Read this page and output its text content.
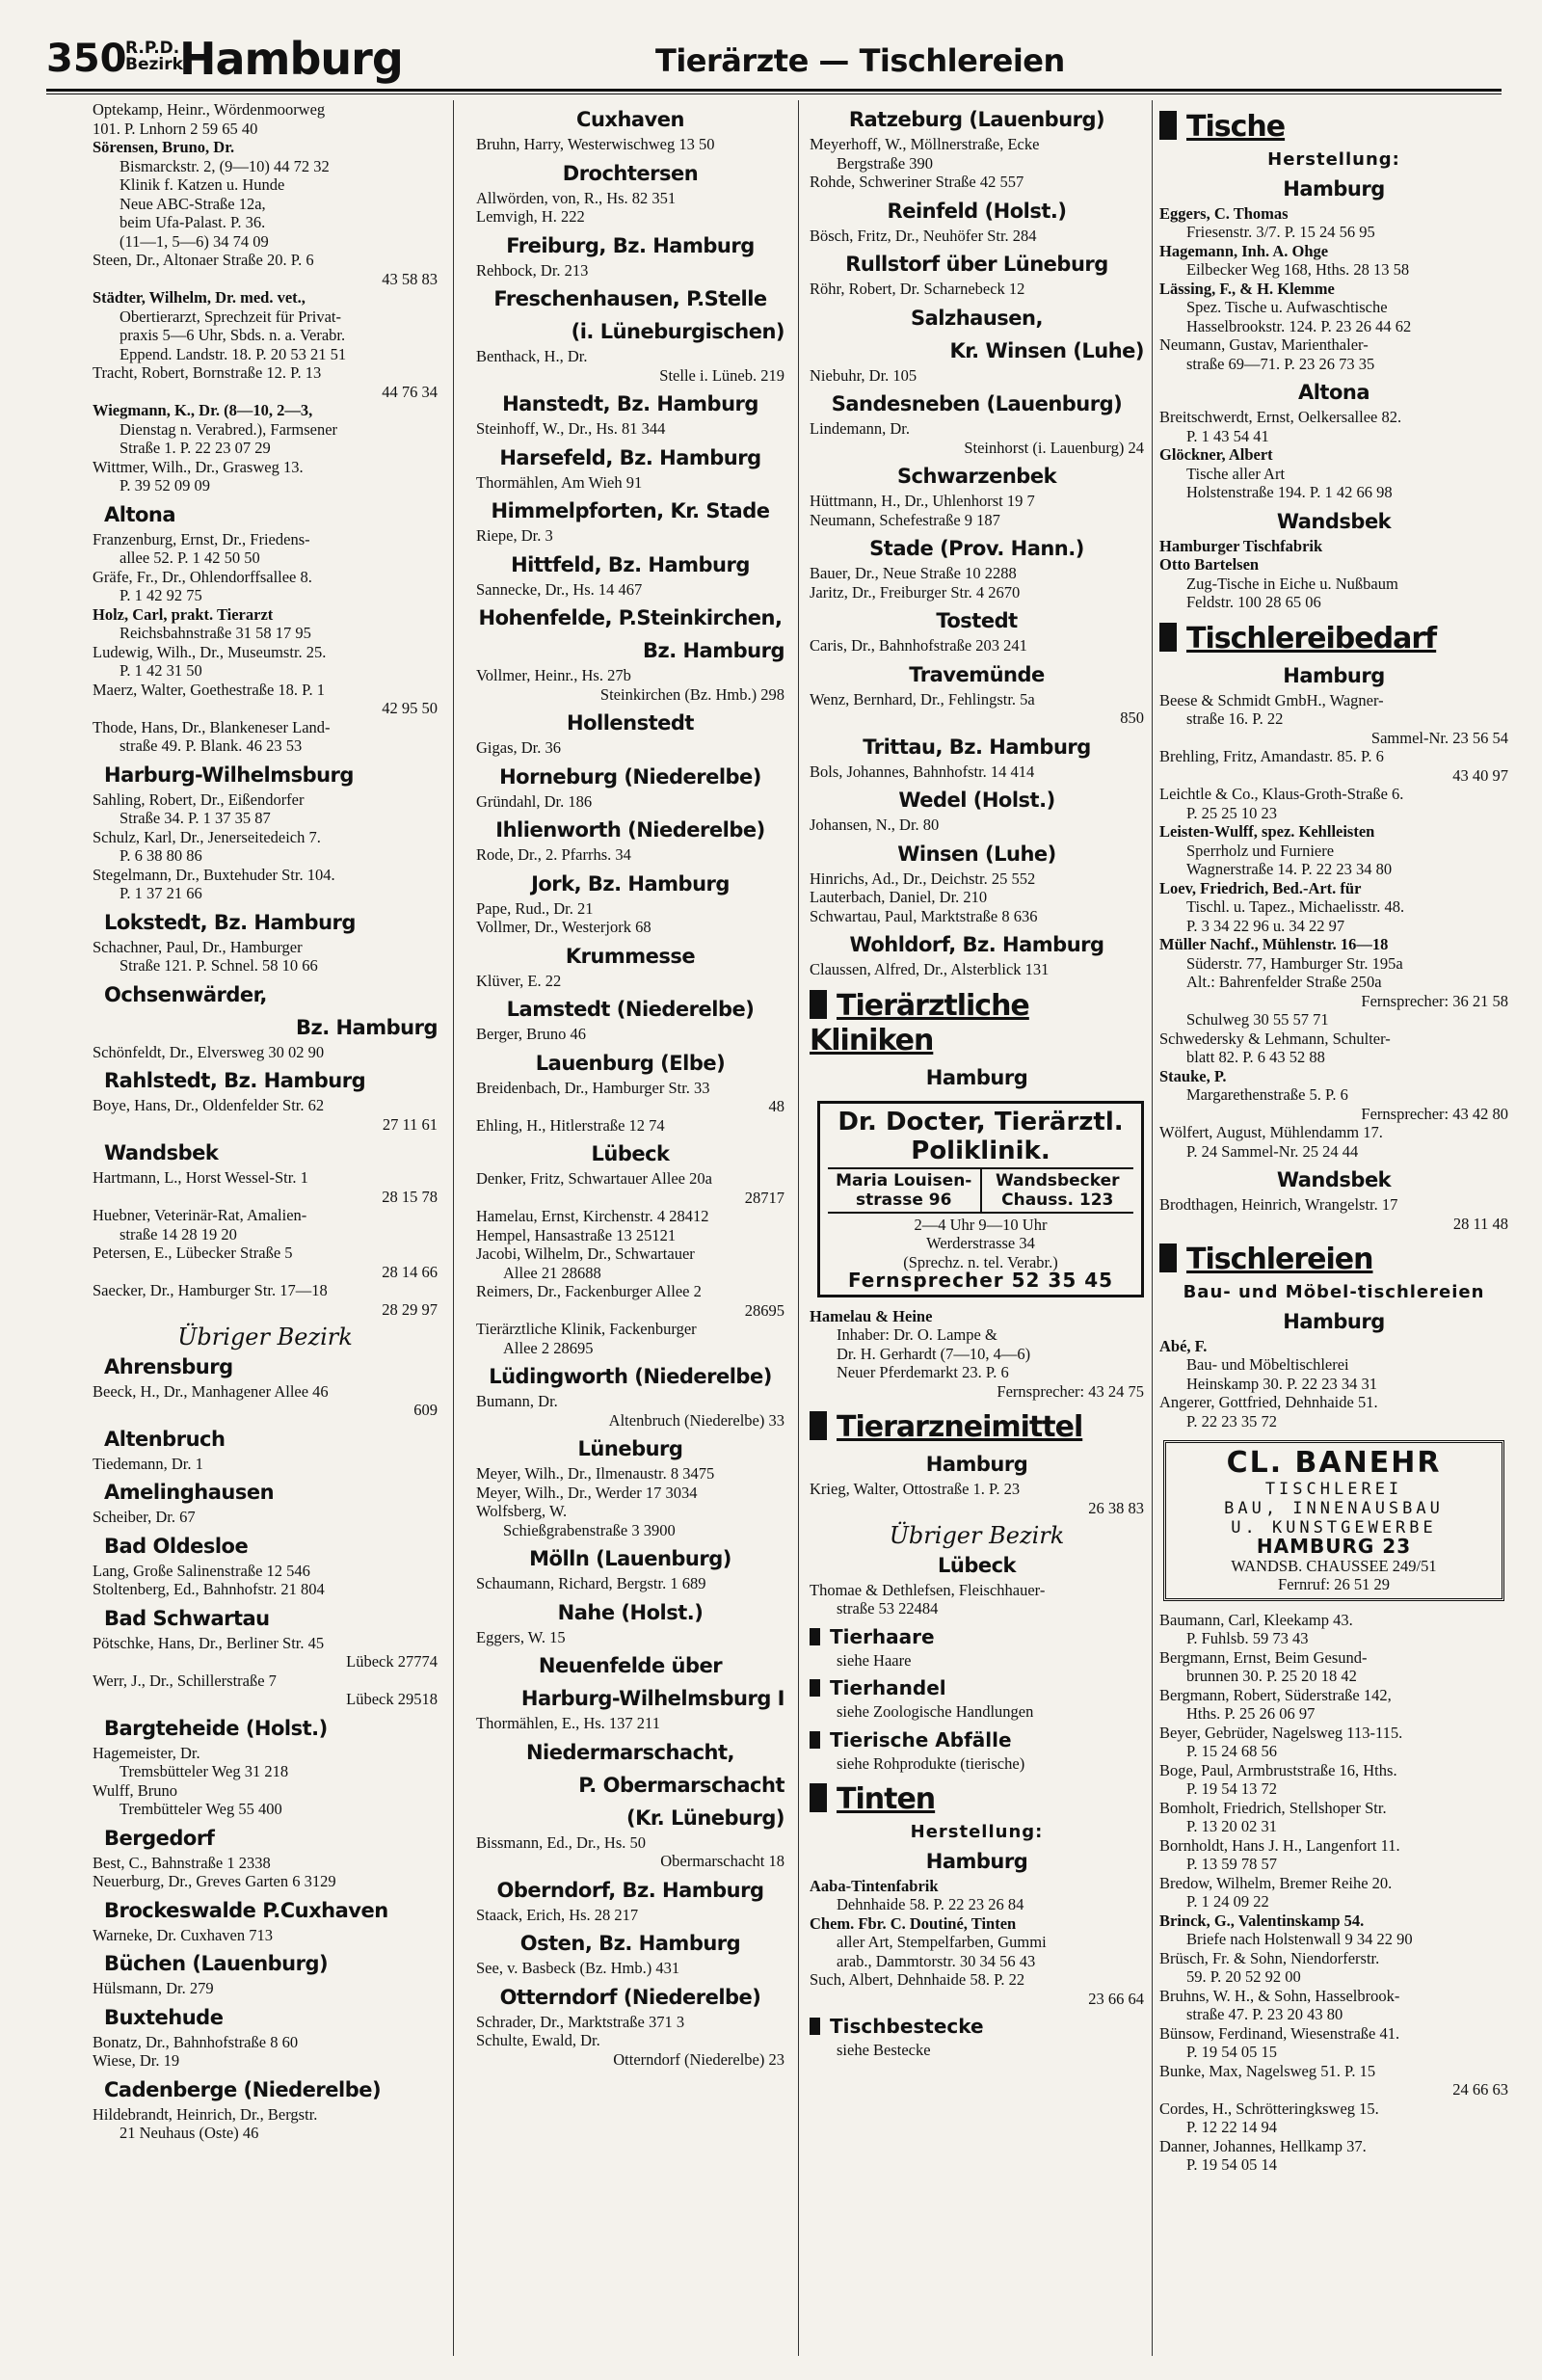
350
R.P.D.
Bezirk
Hamburg	Tierärzte — Tischlereien
Optekamp, Heinr., Wördenmoorweg
101. P. Lnhorn 2 59 65 40
Sörensen, Bruno, Dr.
Bismarckstr. 2, (9—10) 44 72 32
Klinik f. Katzen u. Hunde
Neue ABC-Straße 12a,
beim Ufa-Palast. P. 36.
(11—1, 5—6) 34 74 09
Steen, Dr., Altonaer Straße 20. P. 6
43 58 83
Städter, Wilhelm, Dr. med. vet.,
Obertierarzt, Sprechzeit für Privat-
praxis 5—6 Uhr, Sbds. n. a. Verabr.
Eppend. Landstr. 18. P. 20 53 21 51
Tracht, Robert, Bornstraße 12. P. 13
44 76 34
Wiegmann, K., Dr. (8—10, 2—3,
Dienstag n. Verabred.), Farmsener
Straße 1. P. 22 23 07 29
Wittmer, Wilh., Dr., Grasweg 13.
P. 39 52 09 09
Altona
Franzenburg, Ernst, Dr., Friedens-
allee 52. P. 1 42 50 50
Gräfe, Fr., Dr., Ohlendorffsallee 8.
P. 1 42 92 75
Holz, Carl, prakt. Tierarzt
Reichsbahnstraße 31 58 17 95
Ludewig, Wilh., Dr., Museumstr. 25.
P. 1 42 31 50
Maerz, Walter, Goethestraße 18. P. 1
42 95 50
Thode, Hans, Dr., Blankeneser Land-
straße 49. P. Blank. 46 23 53
Harburg-Wilhelmsburg
Sahling, Robert, Dr., Eißendorfer
Straße 34. P. 1 37 35 87
Schulz, Karl, Dr., Jenerseitedeich 7.
P. 6 38 80 86
Stegelmann, Dr., Buxtehuder Str. 104.
P. 1 37 21 66
Lokstedt, Bz. Hamburg
Schachner, Paul, Dr., Hamburger
Straße 121. P. Schnel. 58 10 66
Ochsenwärder,
Bz. Hamburg
Schönfeldt, Dr., Elversweg 30 02 90
Rahlstedt, Bz. Hamburg
Boye, Hans, Dr., Oldenfelder Str. 62
27 11 61
Wandsbek
Hartmann, L., Horst Wessel-Str. 1
28 15 78
Huebner, Veterinär-Rat, Amalien-
straße 14 28 19 20
Petersen, E., Lübecker Straße 5
28 14 66
Saecker, Dr., Hamburger Str. 17—18
28 29 97
Übriger Bezirk
Ahrensburg
Beeck, H., Dr., Manhagener Allee 46
609
Altenbruch
Tiedemann, Dr. 1
Amelinghausen
Scheiber, Dr. 67
Bad Oldesloe
Lang, Große Salinenstraße 12 546
Stoltenberg, Ed., Bahnhofstr. 21 804
Bad Schwartau
Pötschke, Hans, Dr., Berliner Str. 45
Lübeck 27774
Werr, J., Dr., Schillerstraße 7
Lübeck 29518
Bargteheide (Holst.)
Hagemeister, Dr.
Tremsbütteler Weg 31 218
Wulff, Bruno
Trembütteler Weg 55 400
Bergedorf
Best, C., Bahnstraße 1 2338
Neuerburg, Dr., Greves Garten 6 3129
Brockeswalde P.Cuxhaven
Warneke, Dr. Cuxhaven 713
Büchen (Lauenburg)
Hülsmann, Dr. 279
Buxtehude
Bonatz, Dr., Bahnhofstraße 8 60
Wiese, Dr. 19
Cadenberge (Niederelbe)
Hildebrandt, Heinrich, Dr., Bergstr.
21 Neuhaus (Oste) 46
Cuxhaven
Bruhn, Harry, Westerwischweg 13 50
Drochtersen
Allwörden, von, R., Hs. 82 351
Lemvigh, H. 222
Freiburg, Bz. Hamburg
Rehbock, Dr. 213
Freschenhausen, P.Stelle
(i. Lüneburgischen)
Benthack, H., Dr.
Stelle i. Lüneb. 219
Hanstedt, Bz. Hamburg
Steinhoff, W., Dr., Hs. 81 344
Harsefeld, Bz. Hamburg
Thormählen, Am Wieh 91
Himmelpforten, Kr. Stade
Riepe, Dr. 3
Hittfeld, Bz. Hamburg
Sannecke, Dr., Hs. 14 467
Hohenfelde, P.Steinkirchen,
Bz. Hamburg
Vollmer, Heinr., Hs. 27b
Steinkirchen (Bz. Hmb.) 298
Hollenstedt
Gigas, Dr. 36
Horneburg (Niederelbe)
Gründahl, Dr. 186
Ihlienworth (Niederelbe)
Rode, Dr., 2. Pfarrhs. 34
Jork, Bz. Hamburg
Pape, Rud., Dr. 21
Vollmer, Dr., Westerjork 68
Krummesse
Klüver, E. 22
Lamstedt (Niederelbe)
Berger, Bruno 46
Lauenburg (Elbe)
Breidenbach, Dr., Hamburger Str. 33
48
Ehling, H., Hitlerstraße 12 74
Lübeck
Denker, Fritz, Schwartauer Allee 20a
28717
Hamelau, Ernst, Kirchenstr. 4 28412
Hempel, Hansastraße 13 25121
Jacobi, Wilhelm, Dr., Schwartauer
Allee 21 28688
Reimers, Dr., Fackenburger Allee 2
28695
Tierärztliche Klinik, Fackenburger
Allee 2 28695
Lüdingworth (Niederelbe)
Bumann, Dr.
Altenbruch (Niederelbe) 33
Lüneburg
Meyer, Wilh., Dr., Ilmenaustr. 8 3475
Meyer, Wilh., Dr., Werder 17 3034
Wolfsberg, W.
Schießgrabenstraße 3 3900
Mölln (Lauenburg)
Schaumann, Richard, Bergstr. 1 689
Nahe (Holst.)
Eggers, W. 15
Neuenfelde über
Harburg-Wilhelmsburg I
Thormählen, E., Hs. 137 211
Niedermarschacht,
P. Obermarschacht
(Kr. Lüneburg)
Bissmann, Ed., Dr., Hs. 50
Obermarschacht 18
Oberndorf, Bz. Hamburg
Staack, Erich, Hs. 28 217
Osten, Bz. Hamburg
See, v. Basbeck (Bz. Hmb.) 431
Otterndorf (Niederelbe)
Schrader, Dr., Marktstraße 371 3
Schulte, Ewald, Dr.
Otterndorf (Niederelbe) 23
Ratzeburg (Lauenburg)
Meyerhoff, W., Möllnerstraße, Ecke
Bergstraße 390
Rohde, Schweriner Straße 42 557
Reinfeld (Holst.)
Bösch, Fritz, Dr., Neuhöfer Str. 284
Rullstorf über Lüneburg
Röhr, Robert, Dr. Scharnebeck 12
Salzhausen,
Kr. Winsen (Luhe)
Niebuhr, Dr. 105
Sandesneben (Lauenburg)
Lindemann, Dr.
Steinhorst (i. Lauenburg) 24
Schwarzenbek
Hüttmann, H., Dr., Uhlenhorst 19 7
Neumann, Schefestraße 9 187
Stade (Prov. Hann.)
Bauer, Dr., Neue Straße 10 2288
Jaritz, Dr., Freiburger Str. 4 2670
Tostedt
Caris, Dr., Bahnhofstraße 203 241
Travemünde
Wenz, Bernhard, Dr., Fehlingstr. 5a
850
Trittau, Bz. Hamburg
Bols, Johannes, Bahnhofstr. 14 414
Wedel (Holst.)
Johansen, N., Dr. 80
Winsen (Luhe)
Hinrichs, Ad., Dr., Deichstr. 25 552
Lauterbach, Daniel, Dr. 210
Schwartau, Paul, Marktstraße 8 636
Wohldorf, Bz. Hamburg
Claussen, Alfred, Dr., Alsterblick 131
Tierärztliche Kliniken
Hamburg
Dr. Docter, Tierärztl.
Poliklinik.
Maria Louisen-strasse 96
Wandsbecker Chauss. 123
2—4 Uhr 9—10 Uhr
Werderstrasse 34
(Sprechz. n. tel. Verabr.)
Fernsprecher 52 35 45
Hamelau & Heine
Inhaber: Dr. O. Lampe &
Dr. H. Gerhardt (7—10, 4—6)
Neuer Pferdemarkt 23. P. 6
Fernsprecher: 43 24 75
Tierarzneimittel
Hamburg
Krieg, Walter, Ottostraße 1. P. 23
26 38 83
Übriger Bezirk
Lübeck
Thomae & Dethlefsen, Fleischhauer-
straße 53 22484
Tierhaare
siehe Haare
Tierhandel
siehe Zoologische Handlungen
Tierische Abfälle
siehe Rohprodukte (tierische)
Tinten
Herstellung:
Hamburg
Aaba-Tintenfabrik
Dehnhaide 58. P. 22 23 26 84
Chem. Fbr. C. Doutiné, Tinten
aller Art, Stempelfarben, Gummi
arab., Dammtorstr. 30 34 56 43
Such, Albert, Dehnhaide 58. P. 22
23 66 64
Tischbestecke
siehe Bestecke
Tische
Herstellung:
Hamburg
Eggers, C. Thomas
Friesenstr. 3/7. P. 15 24 56 95
Hagemann, Inh. A. Ohge
Eilbecker Weg 168, Hths. 28 13 58
Lässing, F., & H. Klemme
Spez. Tische u. Aufwaschtische
Hasselbrookstr. 124. P. 23 26 44 62
Neumann, Gustav, Marienthaler-
straße 69—71. P. 23 26 73 35
Altona
Breitschwerdt, Ernst, Oelkersallee 82.
P. 1 43 54 41
Glöckner, Albert
Tische aller Art
Holstenstraße 194. P. 1 42 66 98
Wandsbek
Hamburger Tischfabrik
Otto Bartelsen
Zug-Tische in Eiche u. Nußbaum
Feldstr. 100 28 65 06
Tischlereibedarf
Hamburg
Beese & Schmidt GmbH., Wagner-
straße 16. P. 22
Sammel-Nr. 23 56 54
Brehling, Fritz, Amandastr. 85. P. 6
43 40 97
Leichtle & Co., Klaus-Groth-Straße 6.
P. 25 25 10 23
Leisten-Wulff, spez. Kehlleisten
Sperrholz und Furniere
Wagnerstraße 14. P. 22 23 34 80
Loev, Friedrich, Bed.-Art. für
Tischl. u. Tapez., Michaelisstr. 48.
P. 3 34 22 96 u. 34 22 97
Müller Nachf., Mühlenstr. 16—18
Süderstr. 77, Hamburger Str. 195a
Alt.: Bahrenfelder Straße 250a
Fernsprecher: 36 21 58
Schulweg 30 55 57 71
Schwedersky & Lehmann, Schulter-
blatt 82. P. 6 43 52 88
Stauke, P.
Margarethenstraße 5. P. 6
Fernsprecher: 43 42 80
Wölfert, August, Mühlendamm 17.
P. 24 Sammel-Nr. 25 24 44
Wandsbek
Brodthagen, Heinrich, Wrangelstr. 17
28 11 48
Tischlereien
Bau- und Möbel-tischlereien
Hamburg
Abé, F.
Bau- und Möbeltischlerei
Heinskamp 30. P. 22 23 34 31
Angerer, Gottfried, Dehnhaide 51.
P. 22 23 35 72
CL. BANEHR
TISCHLEREI
BAU, INNENAUSBAU
U. KUNSTGEWERBE
HAMBURG 23
WANDSB. CHAUSSEE 249/51
Fernruf: 26 51 29
Baumann, Carl, Kleekamp 43.
P. Fuhlsb. 59 73 43
Bergmann, Ernst, Beim Gesund-
brunnen 30. P. 25 20 18 42
Bergmann, Robert, Süderstraße 142,
Hths. P. 25 26 06 97
Beyer, Gebrüder, Nagelsweg 113-115.
P. 15 24 68 56
Boge, Paul, Armbruststraße 16, Hths.
P. 19 54 13 72
Bomholt, Friedrich, Stellshoper Str.
P. 13 20 02 31
Bornholdt, Hans J. H., Langenfort 11.
P. 13 59 78 57
Bredow, Wilhelm, Bremer Reihe 20.
P. 1 24 09 22
Brinck, G., Valentinskamp 54.
Briefe nach Holstenwall 9 34 22 90
Brüsch, Fr. & Sohn, Niendorferstr.
59. P. 20 52 92 00
Bruhns, W. H., & Sohn, Hasselbrook-
straße 47. P. 23 20 43 80
Bünsow, Ferdinand, Wiesenstraße 41.
P. 19 54 05 15
Bunke, Max, Nagelsweg 51. P. 15
24 66 63
Cordes, H., Schrötteringksweg 15.
P. 12 22 14 94
Danner, Johannes, Hellkamp 37.
P. 19 54 05 14
